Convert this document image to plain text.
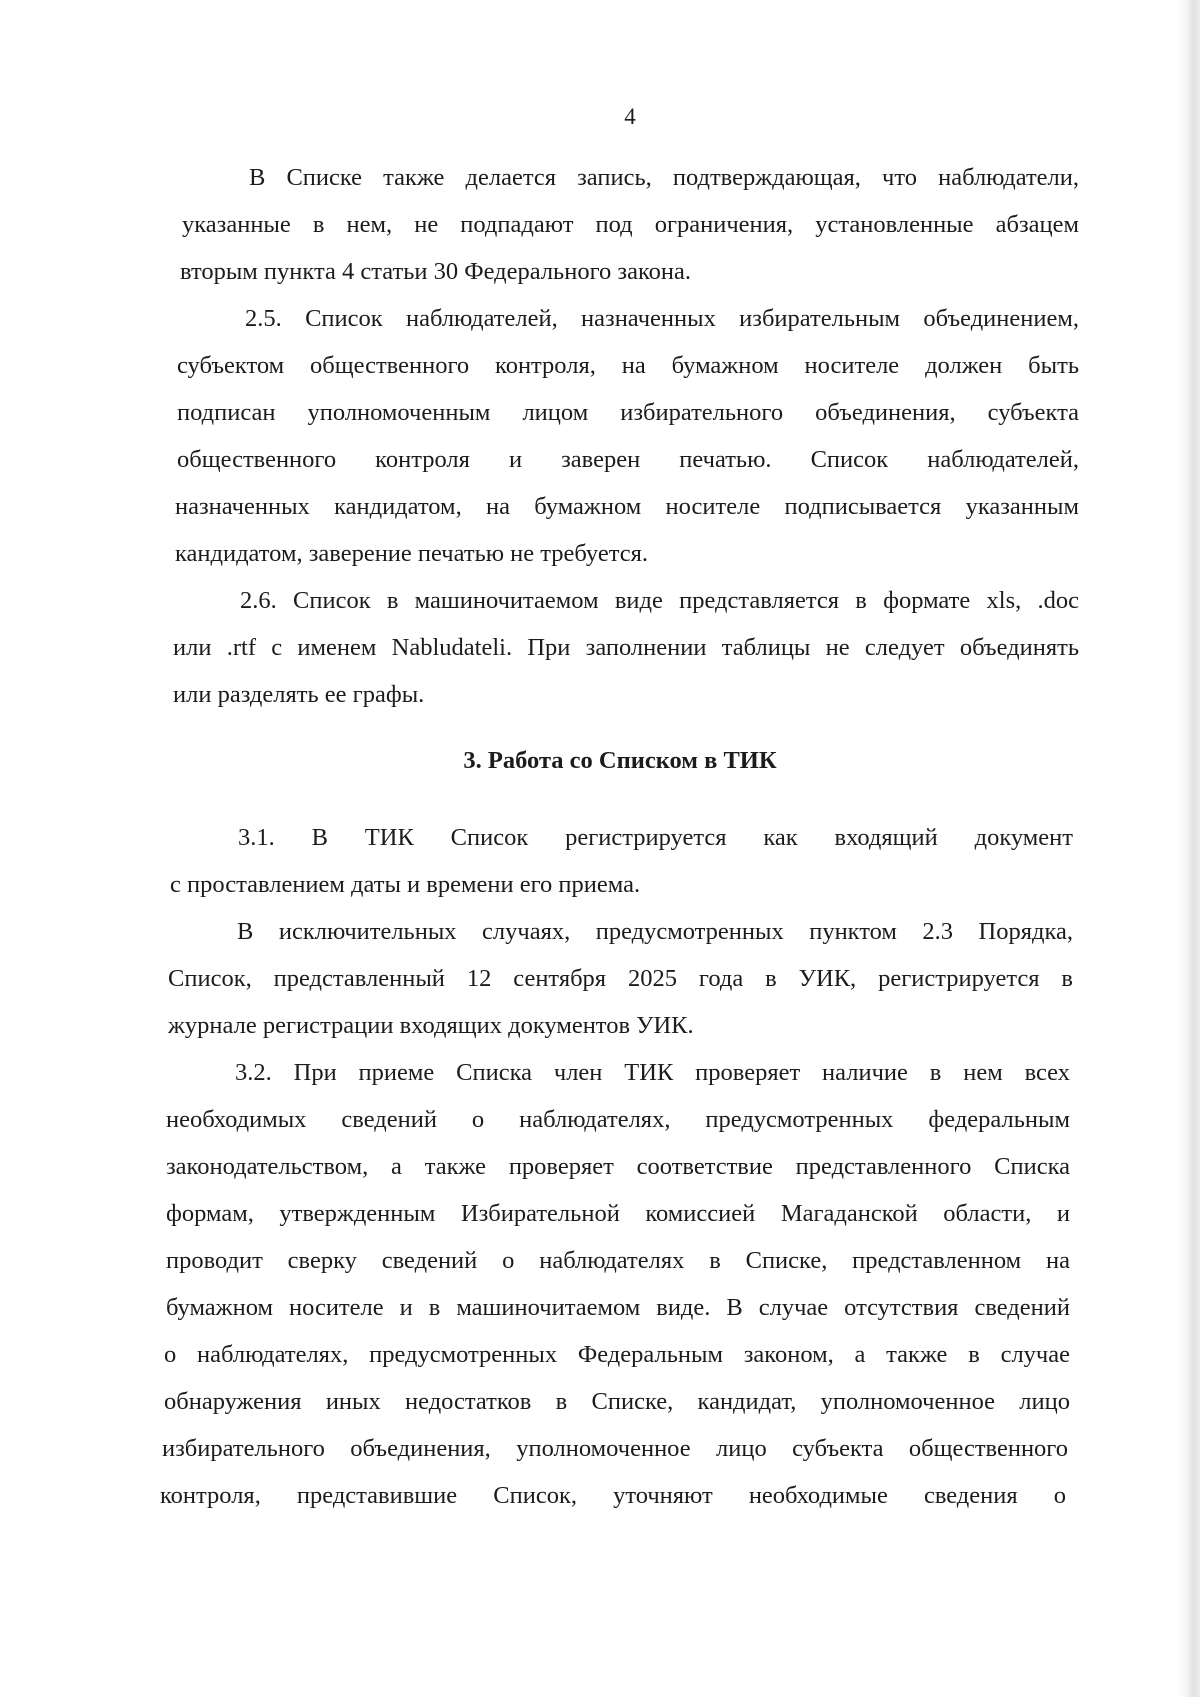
4
В Списке также делается запись, подтверждающая, что наблюдатели,
указанные в нем, не подпадают под ограничения, установленные абзацем
вторым пункта 4 статьи 30 Федерального закона.
2.5. Список наблюдателей, назначенных избирательным объединением,
субъектом общественного контроля, на бумажном носителе должен быть
подписан уполномоченным лицом избирательного объединения, субъекта
общественного контроля и заверен печатью. Список наблюдателей,
назначенных кандидатом, на бумажном носителе подписывается указанным
кандидатом, заверение печатью не требуется.
2.6. Список в машиночитаемом виде представляется в формате xls, .doc
или .rtf с именем Nabludateli. При заполнении таблицы не следует объединять
или разделять ее графы.
3. Работа со Списком в ТИК
3.1. В ТИК Список регистрируется как входящий документ
с проставлением даты и времени его приема.
В исключительных случаях, предусмотренных пунктом 2.3 Порядка,
Список, представленный 12 сентября 2025 года в УИК, регистрируется в
журнале регистрации входящих документов УИК.
3.2. При приеме Списка член ТИК проверяет наличие в нем всех
необходимых сведений о наблюдателях, предусмотренных федеральным
законодательством, а также проверяет соответствие представленного Списка
формам, утвержденным Избирательной комиссией Магаданской области, и
проводит сверку сведений о наблюдателях в Списке, представленном на
бумажном носителе и в машиночитаемом виде. В случае отсутствия сведений
о наблюдателях, предусмотренных Федеральным законом, а также в случае
обнаружения иных недостатков в Списке, кандидат, уполномоченное лицо
избирательного объединения, уполномоченное лицо субъекта общественного
контроля, представившие Список, уточняют необходимые сведения о
